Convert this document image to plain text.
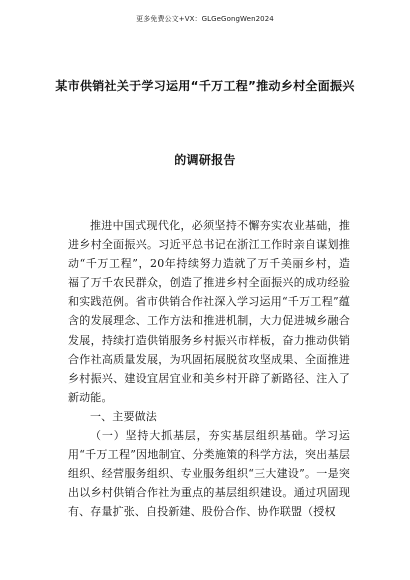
更多免费公文+VX：GLGeGongWen2024
某市供销社关于学习运用“千万工程”推动乡村全面振兴
的调研报告

推进中国式现代化，必须坚持不懈夯实农业基础，推进乡村全面振兴。习近平总书记在浙江工作时亲自谋划推动“千万工程”，20年持续努力造就了万千美丽乡村，造福了万千农民群众，创造了推进乡村全面振兴的成功经验和实践范例。省市供销合作社深入学习运用“千万工程”蕴含的发展理念、工作方法和推进机制，大力促进城乡融合发展，持续打造供销服务乡村振兴市样板，奋力推动供销合作社高质量发展，为巩固拓展脱贫攻坚成果、全面推进乡村振兴、建设宜居宜业和美乡村开辟了新路径、注入了新动能。

一、主要做法

（一）坚持大抓基层，夯实基层组织基础。学习运用“千万工程”因地制宜、分类施策的科学方法，突出基层组织、经营服务组织、专业服务组织“三大建设”。一是突出以乡村供销合作社为重点的基层组织建设。通过巩固现有、存量扩张、自投新建、股份合作、协作联盟（授权
